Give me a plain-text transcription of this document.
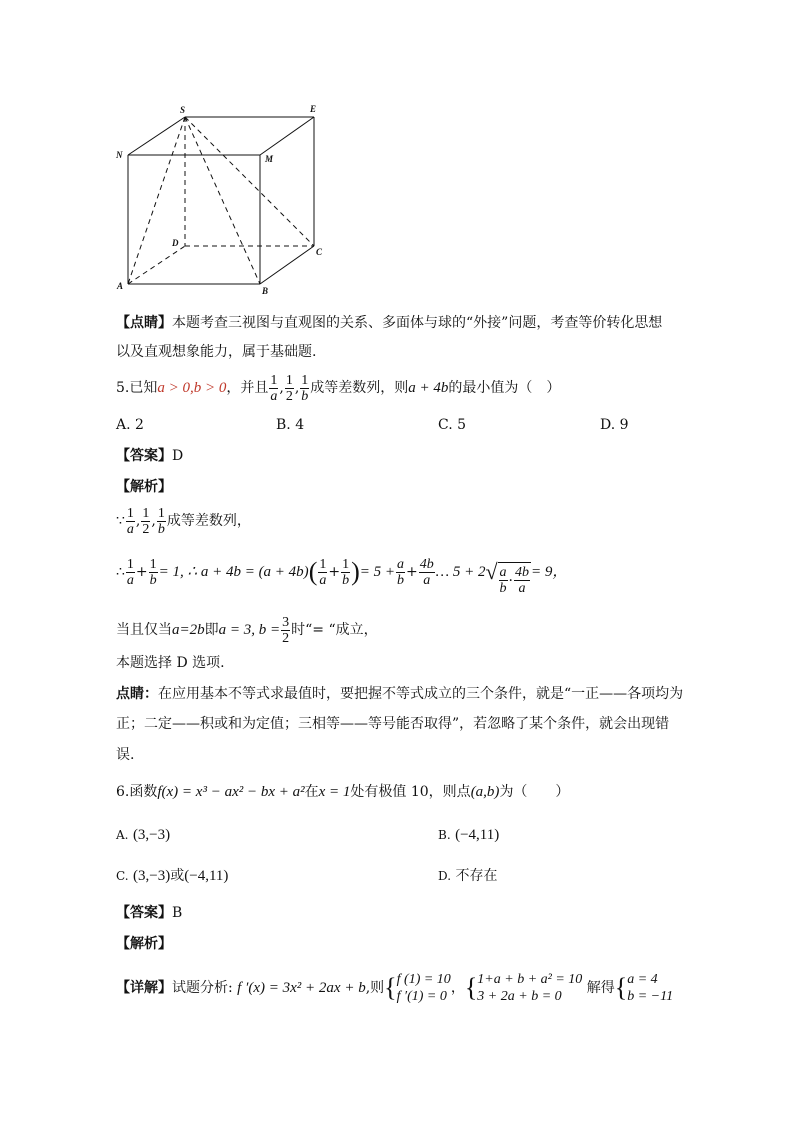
S	E
N	M
D
C
A	B
【点睛】本题考查三视图与直观图的关系、多面体与球的“外接”问题，考查等价转化思想
以及直观想象能力，属于基础题.
5.已知a > 0,b > 0，并且 $\frac{1}{a}$ , $\frac{1}{2}$ , $\frac{1}{b}$ 成等差数列，则a + 4b的最小值为（　）
A. 2	B. 4	C. 5	D. 9
【答案】D
【解析】
∵ $\frac{1}{a}$ , $\frac{1}{2}$ , $\frac{1}{b}$ 成等差数列，
∴ $\frac{1}{a} + \frac{1}{b} = 1$, ∴ $a + 4b = (a + 4b)( \frac{1}{a} + \frac{1}{b}$ )= $5 + \frac{a}{b} + \frac{4b}{a}$ … $5 + 2√ \frac{a}{b} \cdot \frac{4b}{a} = 9$，
当且仅当a=2b即a = 3, $b = \frac{3}{2}$ 时“= “成立，
本题选择 D 选项.
点睛：在应用基本不等式求最值时，要把握不等式成立的三个条件，就是“一正——各项均为
正；二定——积或和为定值；三相等——等号能否取得”，若忽略了某个条件，就会出现错
误.
6.函数f(x) = x³ − ax² − bx + a²在x = 1处有极值 10，则点(a,b)为（　　）
A. (3,−3)	B. (−4,11)
C. (3,−3)或(−4,11)	D. 不存在
【答案】B
【解析】
【详解】试题分析: f ′(x) = 3x² + 2ax + b,则{ f (1) = 10
f ′(1) = 0
，{ 1+a + b + a² = 10
3 + 2a + b = 0
解得{ a = 4
b = −11
